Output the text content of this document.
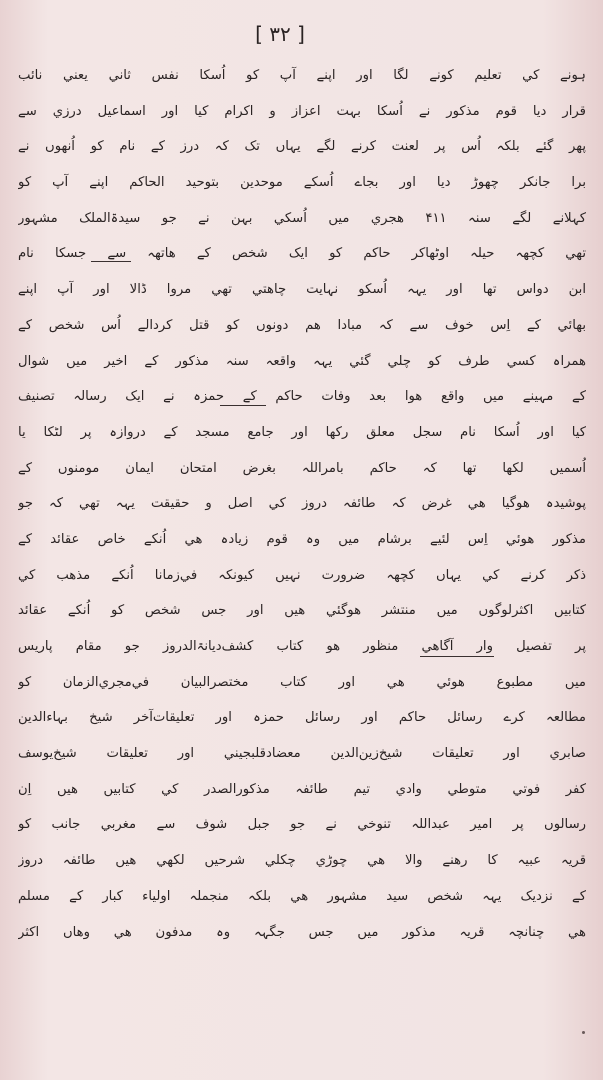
[ ۳۲ ]
ہونے کي تعليم کونے لگا اور اپنے آپ کو اُسکا نفس ثاني يعني نائب
قرار ديا قوم مذکور نے اُسکا بہت اعزاز و اکرام کيا اور اسماعيل درزي سے
پھر گئے بلکہ اُس پر لعنت کرنے لگے يہاں تک کہ درز کے نام کو اُنھوں نے
برا جانکر چھوڑ ديا اور بجاے اُسکے موحدين بتوحيد الحاکم اپنے آپ کو
کہلانے لگے سنہ ۴۱۱ ھجري ميں اُسکي بہن نے جو سيدۃالملک مشہور
تھي کچھہ حيلہ اوٹھاکر حاکم کو ايک شخص کے ھاتھہ سے جسکا نام
ابن دواس تھا اور يہہ اُسکو نہايت چاھتي تھي مروا ڈالا اور آپ اپنے
بھائي کے اِس خوف سے کہ مبادا ھم دونوں کو قتل کردالے اُس شخص کے
ھمراہ کسي طرف کو چلي گئي يہہ واقعہ سنہ مذکور کے اخير ميں شوال
کے مہينے ميں واقع ھوا بعد وفات حاکم کے حمزہ نے ايک رسالہ تصنيف
کيا اور اُسکا نام سجل معلق رکھا اور جامع مسجد کے دروازہ پر لٹکا يا
اُسميں لکھا تھا کہ حاکم بامراللہ بغرض امتحان ايمان مومنوں کے
پوشيدہ ھوگيا ھي غرض کہ طائفہ دروز کي اصل و حقيقت يہہ تھي کہ جو
مذکور ھوئي اِس لئيے برشام ميں وہ قوم زيادہ ھي اُنکے خاص عقائد کے
ذکر کرنے کي يہاں کچھہ ضرورت نہيں کيونکہ في‌زمانا اُنکے مذھب کي
کتابيں اکثرلوگوں ميں منتشر ھوگئي ھيں اور جس شخص کو اُنکے عقائد
پر تفصيل وار آگاھي منظور ھو کتاب کشف‌دیانۃالدروز جو مقام پاريس
ميں مطبوع ھوئي ھي اور کتاب مختصرالبيان في‌مجري‌الزمان کو
مطالعہ کرے رسائل حاکم اور رسائل حمزہ اور تعليقات‌آخر شيخ بہاءالدين
صابري اور تعليقات شيخ‌زين‌الدين معضادقلبجيني اور تعليقات شيخ‌يوسف
کفر فوتي متوطي وادي تيم طائفہ مذکورالصدر کي کتابيں ھيں اِن
رسالوں پر امير عبداللہ تنوخي نے جو جبل شوف سے مغربي جانب کو
قريہ عبيہ کا رھنے والا ھي چوڑي چکلي شرحيں لکھي ھيں طائفہ دروز
کے نزديک يہہ شخص سيد مشہور ھي بلکہ منجملہ اولياء کبار کے مسلم
ھي چنانچہ قريہ مذکور ميں جس جگہہ وہ مدفون ھي وھاں اکثر
